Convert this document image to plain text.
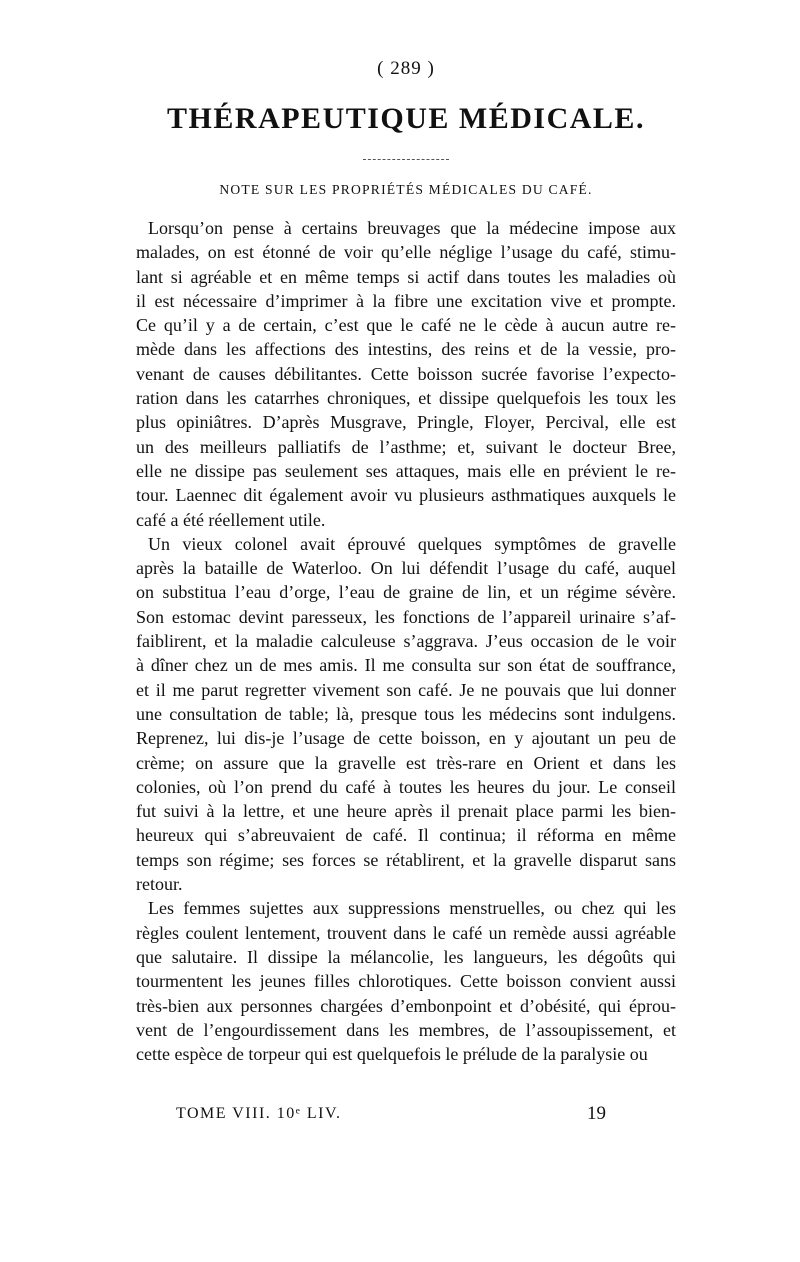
( 289 )
THÉRAPEUTIQUE MÉDICALE.
NOTE SUR LES PROPRIÉTÉS MÉDICALES DU CAFÉ.

Lorsqu’on pense à certains breuvages que la médecine impose aux
malades, on est étonné de voir qu’elle néglige l’usage du café, stimu-
lant si agréable et en même temps si actif dans toutes les maladies où
il est nécessaire d’imprimer à la fibre une excitation vive et prompte.
Ce qu’il y a de certain, c’est que le café ne le cède à aucun autre re-
mède dans les affections des intestins, des reins et de la vessie, pro-
venant de causes débilitantes. Cette boisson sucrée favorise l’expecto-
ration dans les catarrhes chroniques, et dissipe quelquefois les toux les
plus opiniâtres. D’après Musgrave, Pringle, Floyer, Percival, elle est
un des meilleurs palliatifs de l’asthme; et, suivant le docteur Bree,
elle ne dissipe pas seulement ses attaques, mais elle en prévient le re-
tour. Laennec dit également avoir vu plusieurs asthmatiques auxquels le
café a été réellement utile.

Un vieux colonel avait éprouvé quelques symptômes de gravelle
après la bataille de Waterloo. On lui défendit l’usage du café, auquel
on substitua l’eau d’orge, l’eau de graine de lin, et un régime sévère.
Son estomac devint paresseux, les fonctions de l’appareil urinaire s’af-
faiblirent, et la maladie calculeuse s’aggrava. J’eus occasion de le voir
à dîner chez un de mes amis. Il me consulta sur son état de souffrance,
et il me parut regretter vivement son café. Je ne pouvais que lui donner
une consultation de table; là, presque tous les médecins sont indulgens.
Reprenez, lui dis-je l’usage de cette boisson, en y ajoutant un peu de
crème; on assure que la gravelle est très-rare en Orient et dans les
colonies, où l’on prend du café à toutes les heures du jour. Le conseil
fut suivi à la lettre, et une heure après il prenait place parmi les bien-
heureux qui s’abreuvaient de café. Il continua; il réforma en même
temps son régime; ses forces se rétablirent, et la gravelle disparut sans
retour.

Les femmes sujettes aux suppressions menstruelles, ou chez qui les
règles coulent lentement, trouvent dans le café un remède aussi agréable
que salutaire. Il dissipe la mélancolie, les langueurs, les dégoûts qui
tourmentent les jeunes filles chlorotiques. Cette boisson convient aussi
très-bien aux personnes chargées d’embonpoint et d’obésité, qui éprou-
vent de l’engourdissement dans les membres, de l’assoupissement, et
cette espèce de torpeur qui est quelquefois le prélude de la paralysie ou

TOME VIII. 10ᵉ LIV.	19
